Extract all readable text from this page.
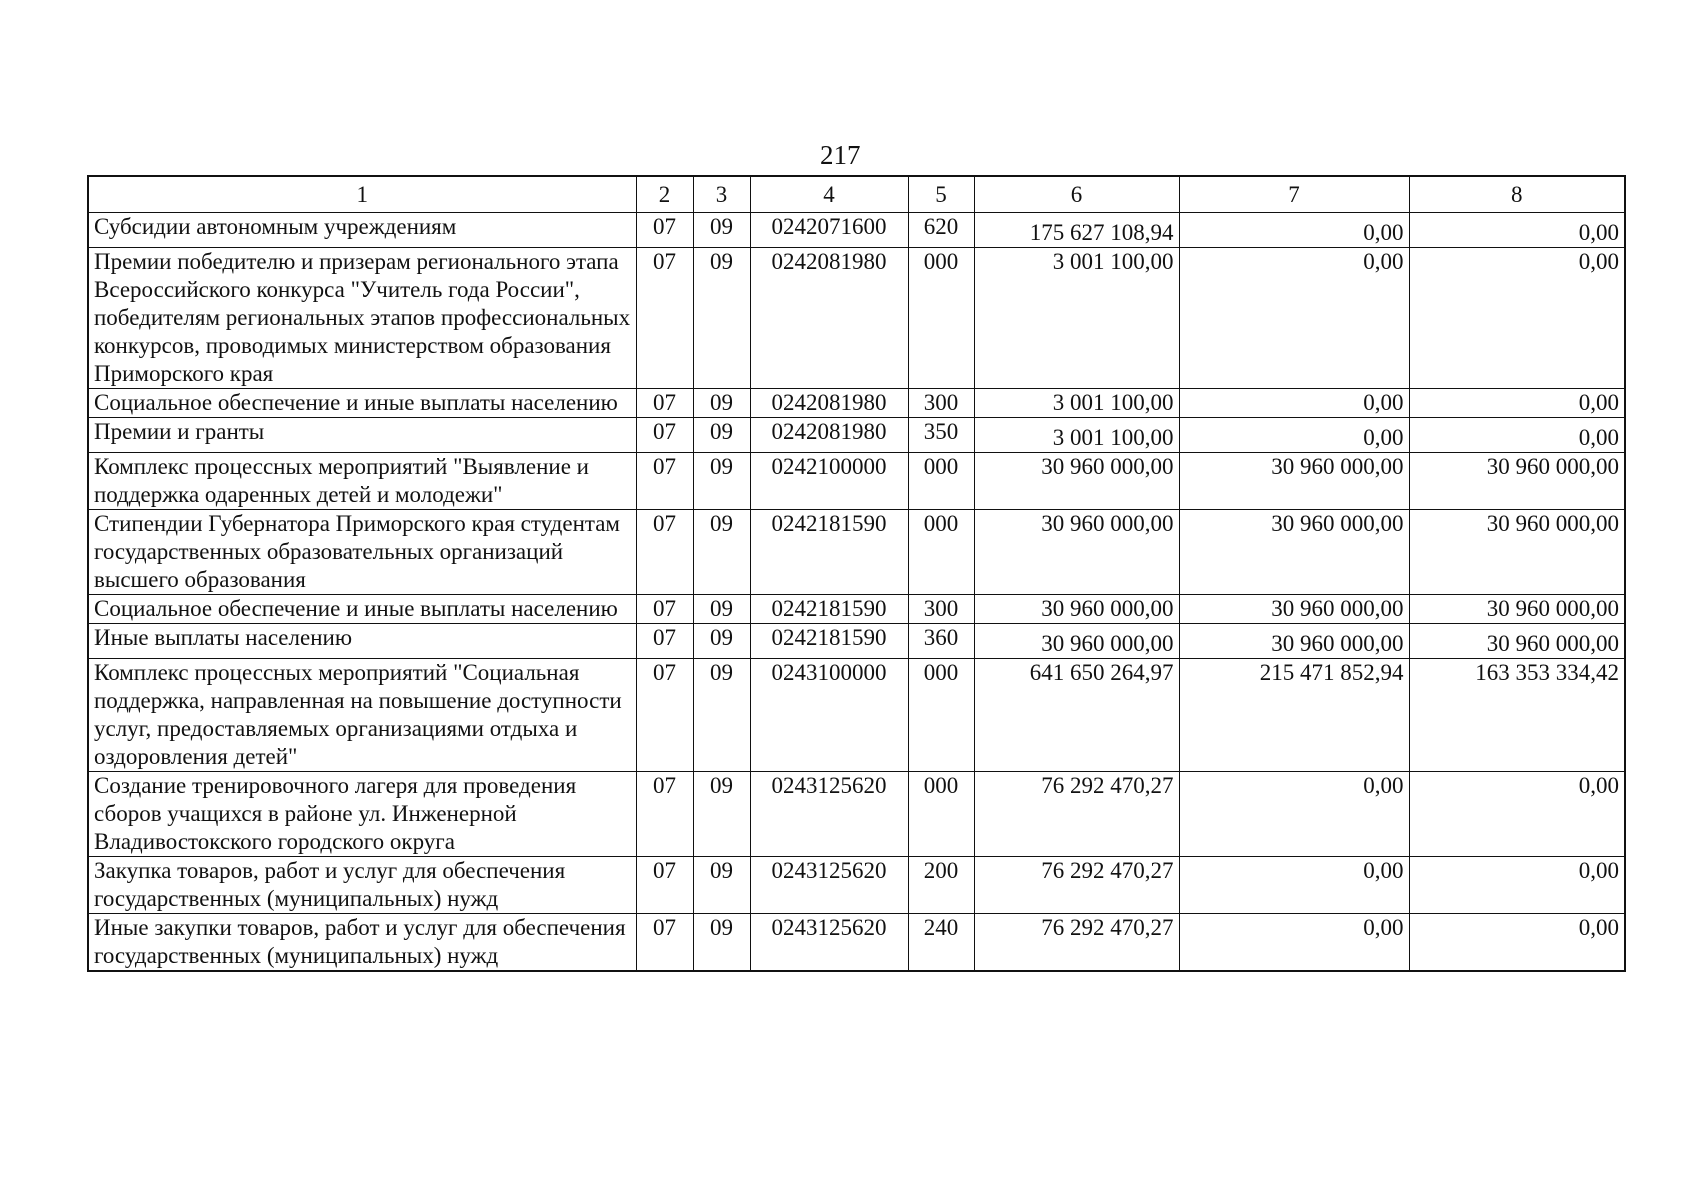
217
1	2	3	4	5	6	7	8
Субсидии автономным учреждениям	07	09	0242071600	620	175 627 108,94	0,00	0,00
Премии победителю и призерам регионального этапа Всероссийского конкурса "Учитель года России", победителям региональных этапов профессиональных конкурсов, проводимых министерством образования Приморского края	07	09	0242081980	000	3 001 100,00	0,00	0,00
Социальное обеспечение и иные выплаты населению	07	09	0242081980	300	3 001 100,00	0,00	0,00
Премии и гранты	07	09	0242081980	350	3 001 100,00	0,00	0,00
Комплекс процессных мероприятий "Выявление и поддержка одаренных детей и молодежи"	07	09	0242100000	000	30 960 000,00	30 960 000,00	30 960 000,00
Стипендии Губернатора Приморского края студентам государственных образовательных организаций высшего образования	07	09	0242181590	000	30 960 000,00	30 960 000,00	30 960 000,00
Социальное обеспечение и иные выплаты населению	07	09	0242181590	300	30 960 000,00	30 960 000,00	30 960 000,00
Иные выплаты населению	07	09	0242181590	360	30 960 000,00	30 960 000,00	30 960 000,00
Комплекс процессных мероприятий "Социальная поддержка, направленная на повышение доступности услуг, предоставляемых организациями отдыха и оздоровления детей"	07	09	0243100000	000	641 650 264,97	215 471 852,94	163 353 334,42
Создание тренировочного лагеря для проведения сборов учащихся в районе ул. Инженерной Владивостокского городского округа	07	09	0243125620	000	76 292 470,27	0,00	0,00
Закупка товаров, работ и услуг для обеспечения государственных (муниципальных) нужд	07	09	0243125620	200	76 292 470,27	0,00	0,00
Иные закупки товаров, работ и услуг для обеспечения государственных (муниципальных) нужд	07	09	0243125620	240	76 292 470,27	0,00	0,00
